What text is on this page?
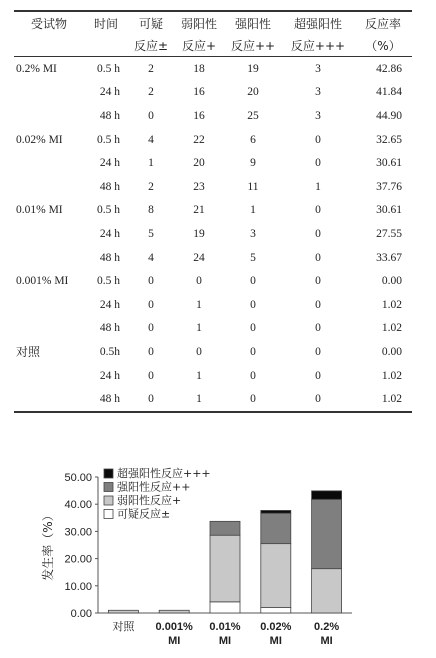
受试物	时间	可疑	弱阳性	强阳性	超强阳性	反应率
		反应±	反应+	反应++	反应+++	（%）
0.2% MI	0.5 h	2	18	19	3	42.86
	24 h	2	16	20	3	41.84
	48 h	0	16	25	3	44.90
0.02% MI	0.5 h	4	22	6	0	32.65
	24 h	1	20	9	0	30.61
	48 h	2	23	11	1	37.76
0.01% MI	0.5 h	8	21	1	0	30.61
	24 h	5	19	3	0	27.55
	48 h	4	24	5	0	33.67
0.001% MI	0.5 h	0	0	0	0	0.00
	24 h	0	1	0	0	1.02
	48 h	0	1	0	0	1.02
对照	0.5h	0	0	0	0	0.00
	24 h	0	1	0	0	1.02
	48 h	0	1	0	0	1.02
0.00
10.00
20.00
30.00
40.00
50.00
发生率（%）
对照 0.001% MI
0.01% MI
0.02% MI
0.2% MI
超强阳性反应+++
强阳性反应++
弱阳性反应+
可疑反应±
